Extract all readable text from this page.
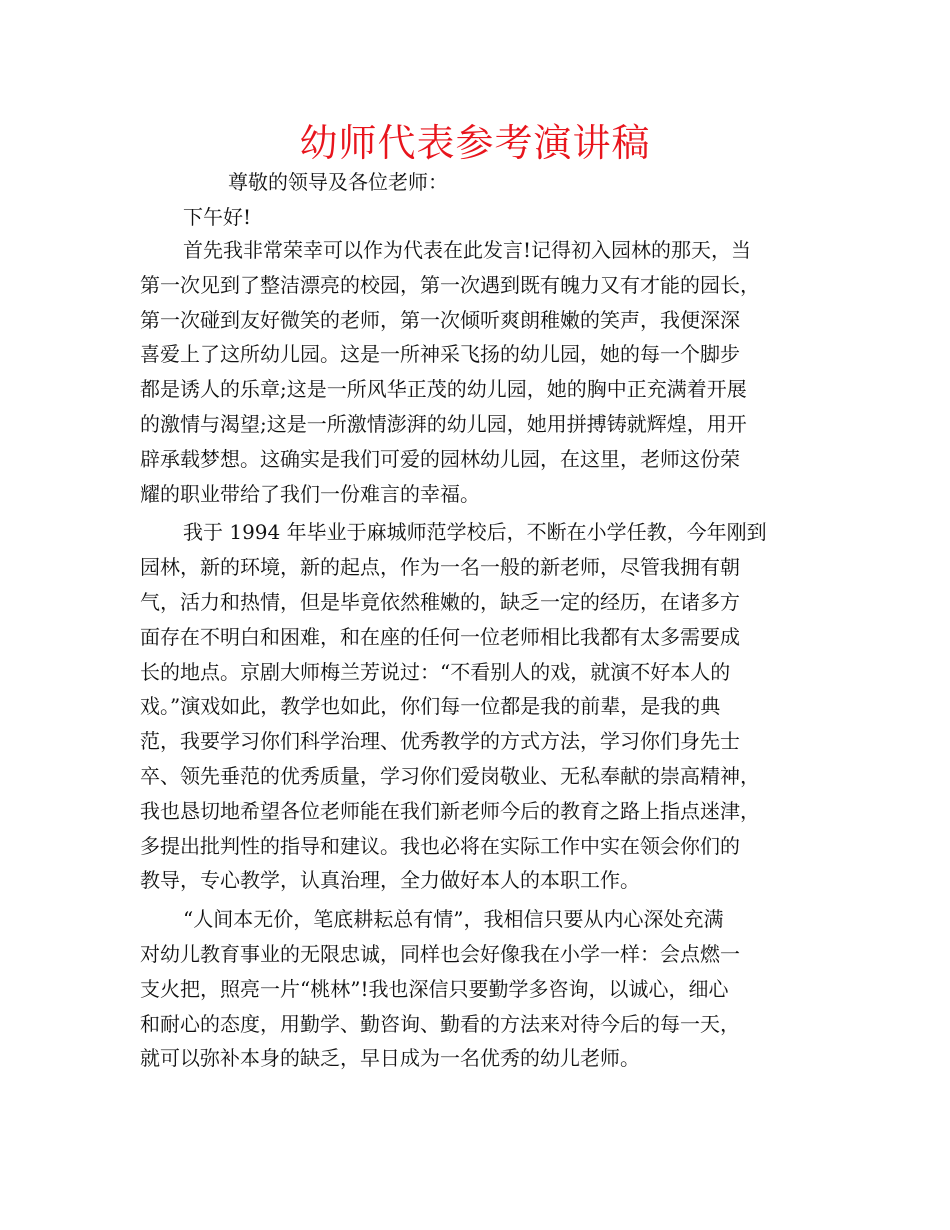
幼师代表参考演讲稿
尊敬的领导及各位老师：
下午好!
首先我非常荣幸可以作为代表在此发言!记得初入园林的那天，当
第一次见到了整洁漂亮的校园，第一次遇到既有魄力又有才能的园长，
第一次碰到友好微笑的老师，第一次倾听爽朗稚嫩的笑声，我便深深
喜爱上了这所幼儿园。这是一所神采飞扬的幼儿园，她的每一个脚步
都是诱人的乐章;这是一所风华正茂的幼儿园，她的胸中正充满着开展
的激情与渴望;这是一所激情澎湃的幼儿园，她用拼搏铸就辉煌，用开
辟承载梦想。这确实是我们可爱的园林幼儿园，在这里，老师这份荣
耀的职业带给了我们一份难言的幸福。
我于 1994 年毕业于麻城师范学校后，不断在小学任教，今年刚到
园林，新的环境，新的起点，作为一名一般的新老师，尽管我拥有朝
气，活力和热情，但是毕竟依然稚嫩的，缺乏一定的经历，在诸多方
面存在不明白和困难，和在座的任何一位老师相比我都有太多需要成
长的地点。京剧大师梅兰芳说过：“不看别人的戏，就演不好本人的
戏。”演戏如此，教学也如此，你们每一位都是我的前辈，是我的典
范，我要学习你们科学治理、优秀教学的方式方法，学习你们身先士
卒、领先垂范的优秀质量，学习你们爱岗敬业、无私奉献的崇高精神，
我也恳切地希望各位老师能在我们新老师今后的教育之路上指点迷津，
多提出批判性的指导和建议。我也必将在实际工作中实在领会你们的
教导，专心教学，认真治理，全力做好本人的本职工作。
“人间本无价，笔底耕耘总有情”，我相信只要从内心深处充满
对幼儿教育事业的无限忠诚，同样也会好像我在小学一样：会点燃一
支火把，照亮一片“桃林”!我也深信只要勤学多咨询，以诚心，细心
和耐心的态度，用勤学、勤咨询、勤看的方法来对待今后的每一天，
就可以弥补本身的缺乏，早日成为一名优秀的幼儿老师。
